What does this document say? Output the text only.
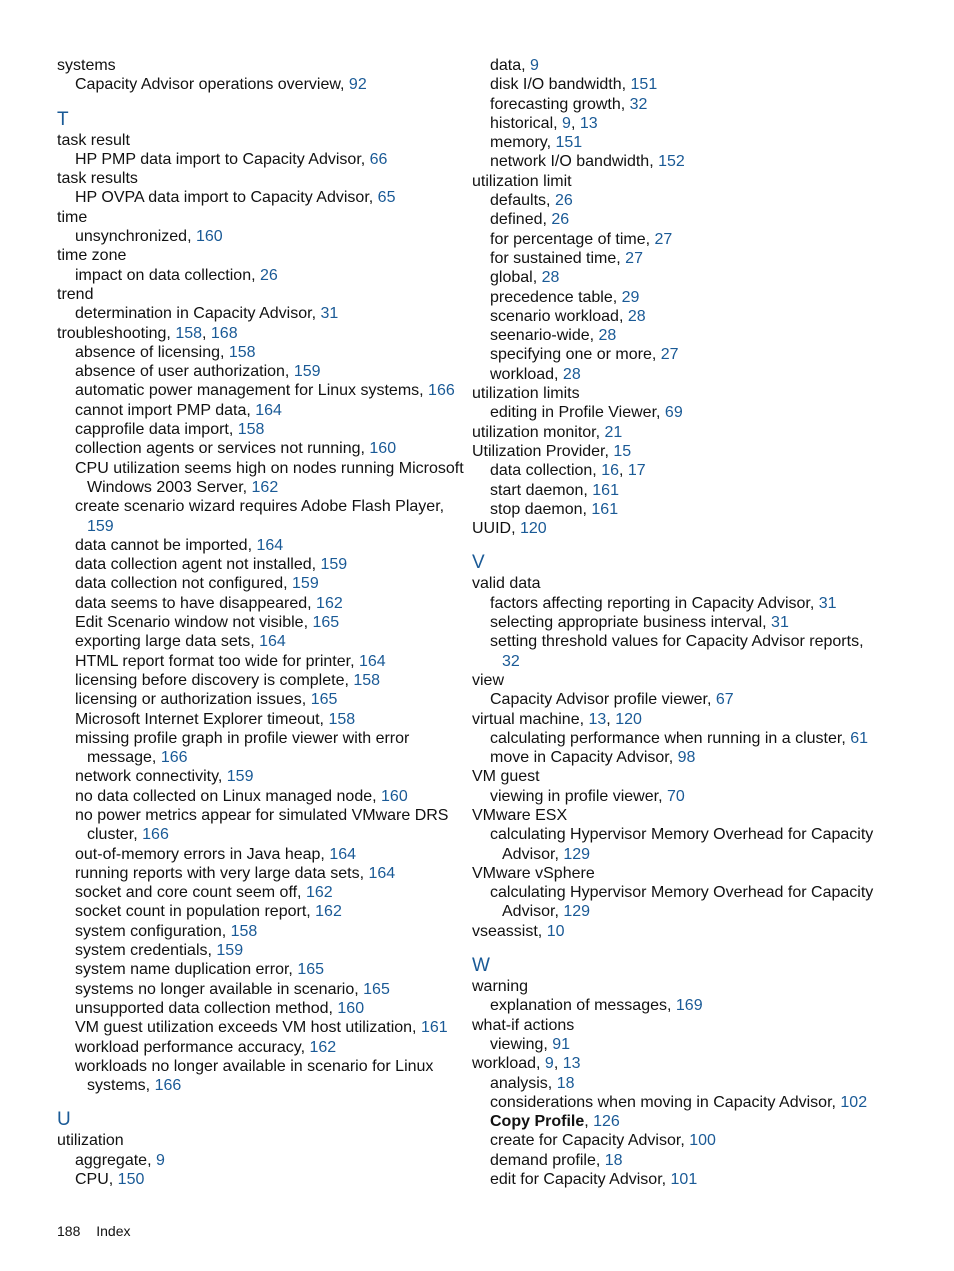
systems
Capacity Advisor operations overview, 92
T
task result
HP PMP data import to Capacity Advisor, 66
task results
HP OVPA data import to Capacity Advisor, 65
time
unsynchronized, 160
time zone
impact on data collection, 26
trend
determination in Capacity Advisor, 31
troubleshooting, 158, 168
absence of licensing, 158
absence of user authorization, 159
automatic power management for Linux systems, 166
cannot import PMP data, 164
capprofile data import, 158
collection agents or services not running, 160
CPU utilization seems high on nodes running Microsoft
Windows 2003 Server, 162
create scenario wizard requires Adobe Flash Player,
159
data cannot be imported, 164
data collection agent not installed, 159
data collection not configured, 159
data seems to have disappeared, 162
Edit Scenario window not visible, 165
exporting large data sets, 164
HTML report format too wide for printer, 164
licensing before discovery is complete, 158
licensing or authorization issues, 165
Microsoft Internet Explorer timeout, 158
missing profile graph in profile viewer with error
message, 166
network connectivity, 159
no data collected on Linux managed node, 160
no power metrics appear for simulated VMware DRS
cluster, 166
out-of-memory errors in Java heap, 164
running reports with very large data sets, 164
socket and core count seem off, 162
socket count in population report, 162
system configuration, 158
system credentials, 159
system name duplication error, 165
systems no longer available in scenario, 165
unsupported data collection method, 160
VM guest utilization exceeds VM host utilization, 161
workload performance accuracy, 162
workloads no longer available in scenario for Linux
systems, 166
U
utilization
aggregate, 9
CPU, 150
data, 9
disk I/O bandwidth, 151
forecasting growth, 32
historical, 9, 13
memory, 151
network I/O bandwidth, 152
utilization limit
defaults, 26
defined, 26
for percentage of time, 27
for sustained time, 27
global, 28
precedence table, 29
scenario workload, 28
seenario-wide, 28
specifying one or more, 27
workload, 28
utilization limits
editing in Profile Viewer, 69
utilization monitor, 21
Utilization Provider, 15
data collection, 16, 17
start daemon, 161
stop daemon, 161
UUID, 120
V
valid data
factors affecting reporting in Capacity Advisor, 31
selecting appropriate business interval, 31
setting threshold values for Capacity Advisor reports,
32
view
Capacity Advisor profile viewer, 67
virtual machine, 13, 120
calculating performance when running in a cluster, 61
move in Capacity Advisor, 98
VM guest
viewing in profile viewer, 70
VMware ESX
calculating Hypervisor Memory Overhead for Capacity
Advisor, 129
VMware vSphere
calculating Hypervisor Memory Overhead for Capacity
Advisor, 129
vseassist, 10
W
warning
explanation of messages, 169
what-if actions
viewing, 91
workload, 9, 13
analysis, 18
considerations when moving in Capacity Advisor, 102
Copy Profile, 126
create for Capacity Advisor, 100
demand profile, 18
edit for Capacity Advisor, 101
188 Index
